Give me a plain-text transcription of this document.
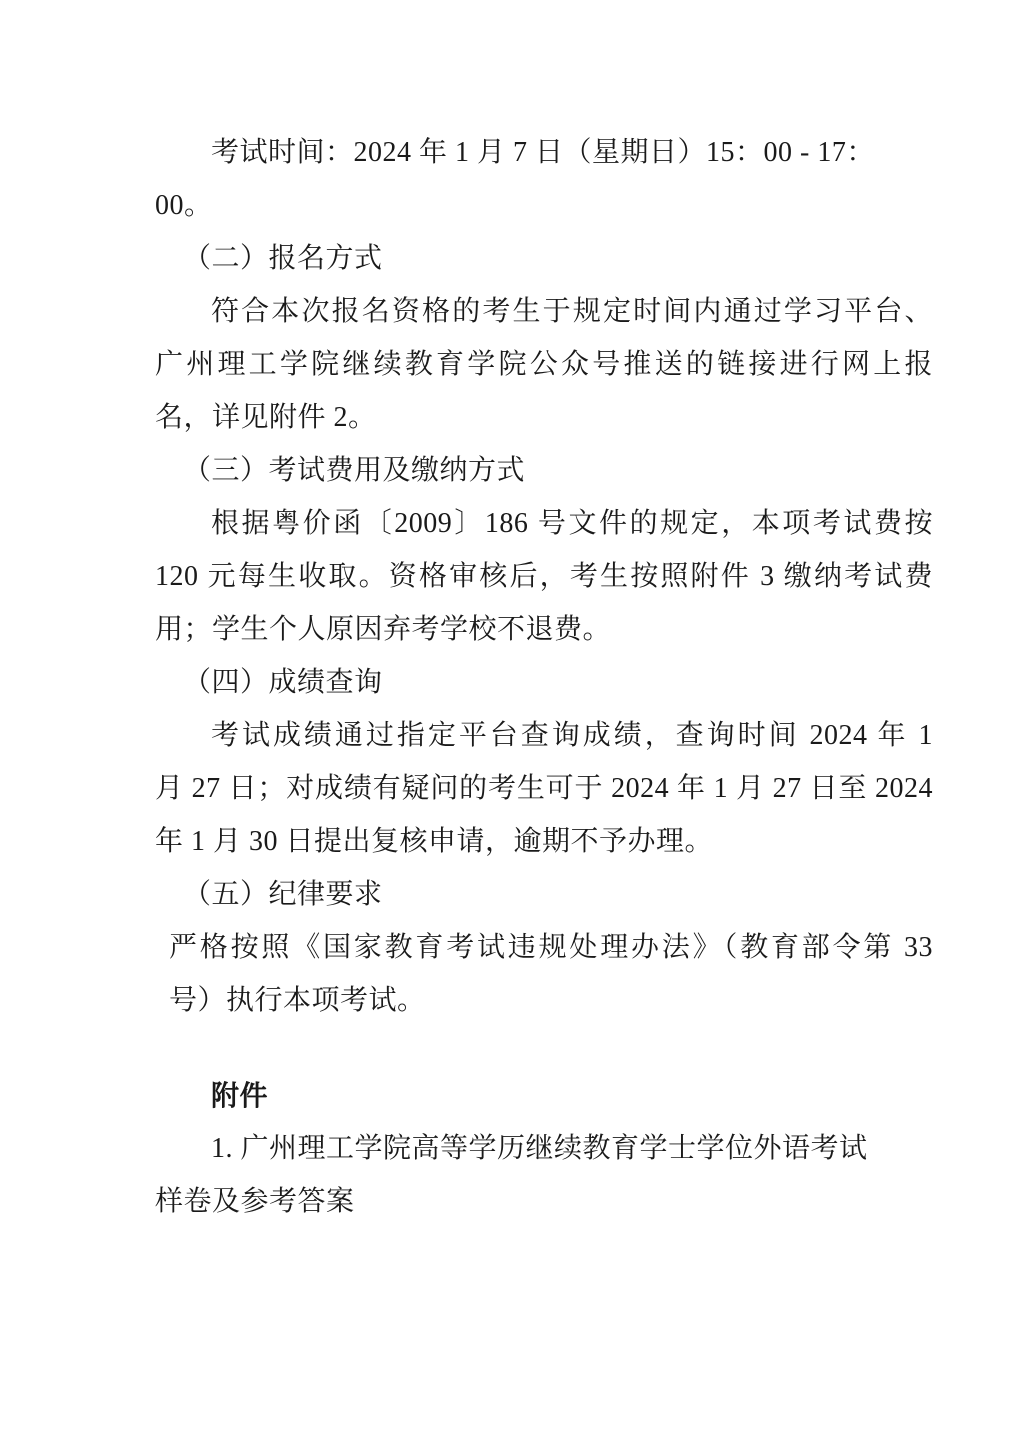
考试时间：2024 年 1 月 7 日（星期日）15：00 - 17：
00。
（二）报名方式
符合本次报名资格的考生于规定时间内通过学习平台、
广州理工学院继续教育学院公众号推送的链接进行网上报
名，详见附件 2。
（三）考试费用及缴纳方式
根据粤价函〔2009〕186 号文件的规定，本项考试费按
120 元每生收取。资格审核后，考生按照附件 3 缴纳考试费
用；学生个人原因弃考学校不退费。
（四）成绩查询
考试成绩通过指定平台查询成绩，查询时间 2024 年 1
月 27 日；对成绩有疑问的考生可于 2024 年 1 月 27 日至 2024
年 1 月 30 日提出复核申请，逾期不予办理。
（五）纪律要求
严格按照《国家教育考试违规处理办法》（教育部令第 33
号）执行本项考试。
附件
1. 广州理工学院高等学历继续教育学士学位外语考试
样卷及参考答案
